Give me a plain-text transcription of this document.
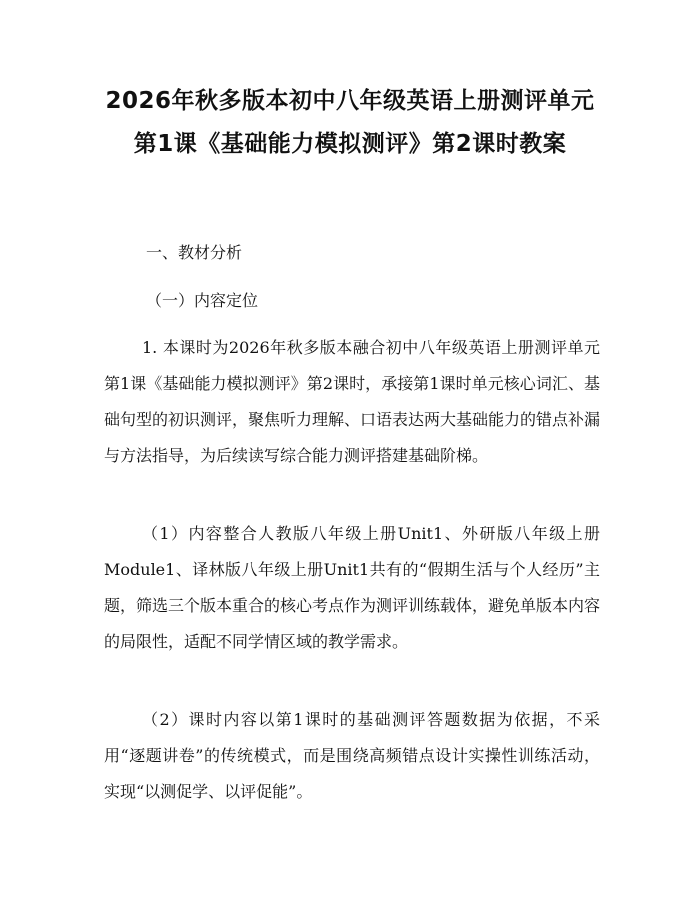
2026年秋多版本初中八年级英语上册测评单元第1课《基础能力模拟测评》第2课时教案

一、教材分析

（一）内容定位

1. 本课时为2026年秋多版本融合初中八年级英语上册测评单元第1课《基础能力模拟测评》第2课时，承接第1课时单元核心词汇、基础句型的初识测评，聚焦听力理解、口语表达两大基础能力的错点补漏与方法指导，为后续读写综合能力测评搭建基础阶梯。

（1）内容整合人教版八年级上册Unit1、外研版八年级上册Module1、译林版八年级上册Unit1共有的“假期生活与个人经历”主题，筛选三个版本重合的核心考点作为测评训练载体，避免单版本内容的局限性，适配不同学情区域的教学需求。

（2）课时内容以第1课时的基础测评答题数据为依据，不采用“逐题讲卷”的传统模式，而是围绕高频错点设计实操性训练活动，实现“以测促学、以评促能”。
